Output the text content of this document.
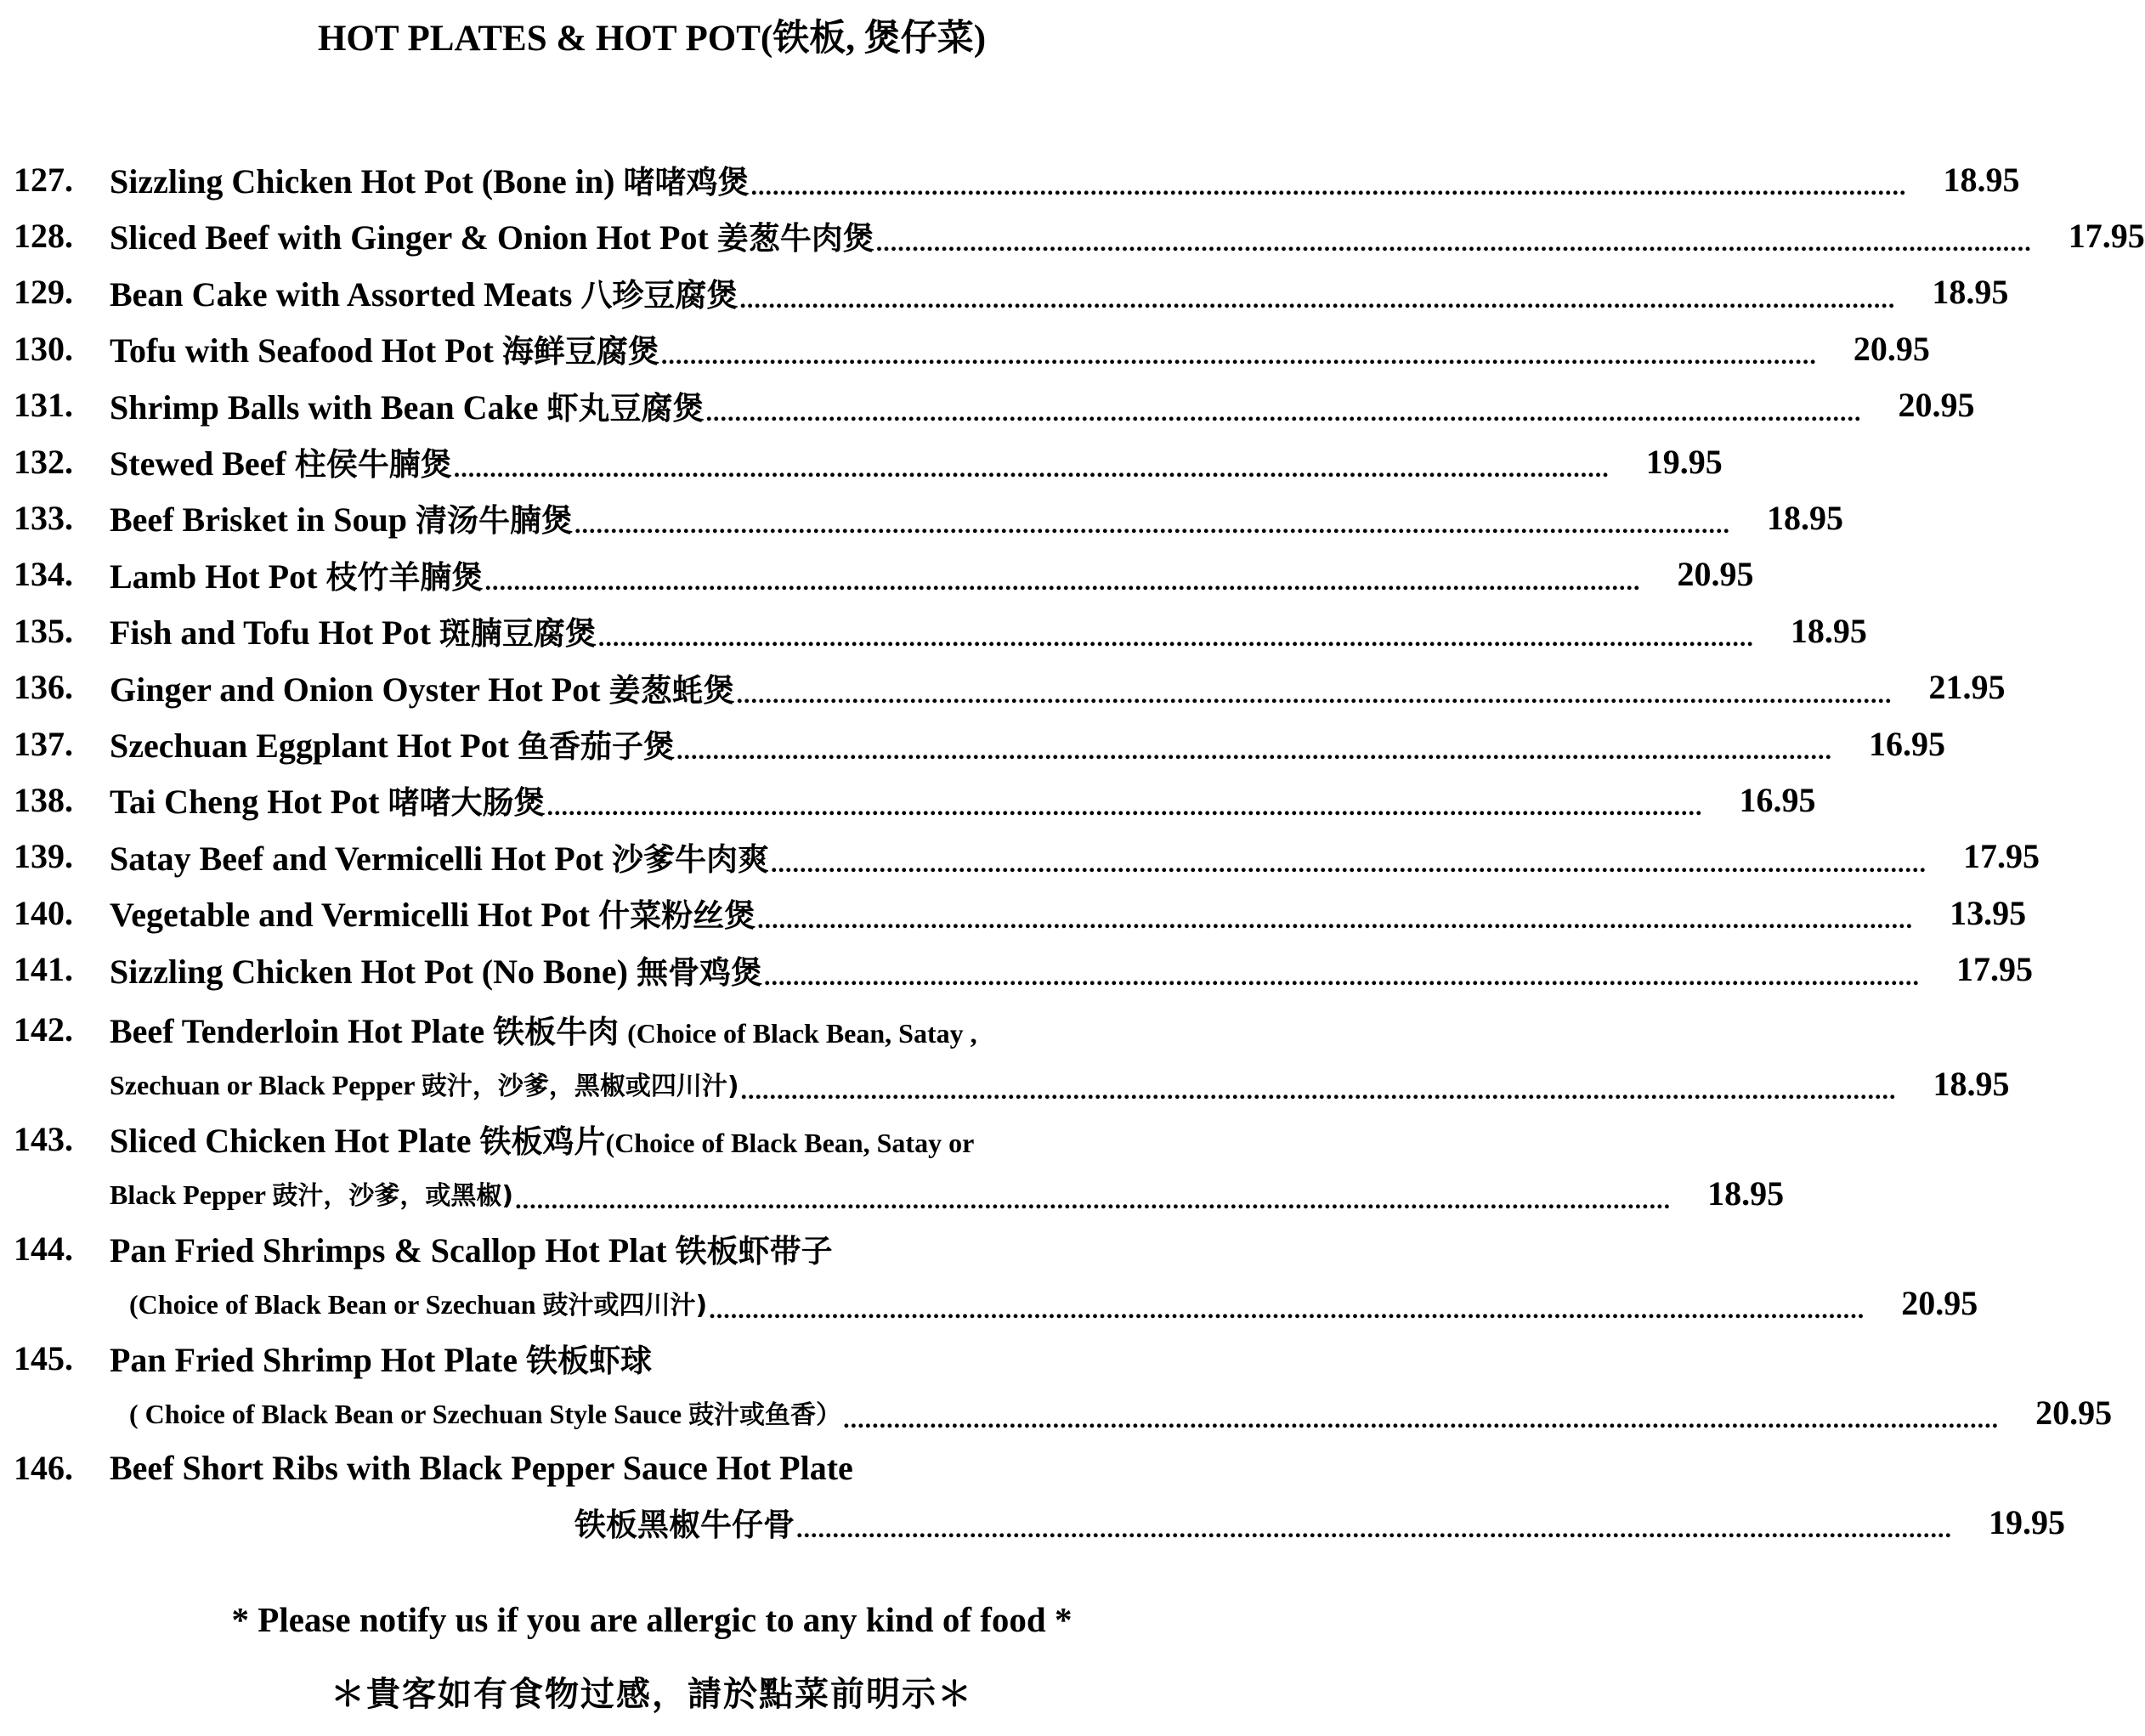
HOT PLATES & HOT POT(铁板, 煲仔菜)
127.	Sizzling Chicken Hot Pot (Bone in) 啫啫鸡煲 ................................................................................................................................................................	18.95
128.	Sliced Beef with Ginger & Onion Hot Pot 姜葱牛肉煲 ................................................................................................................................................................	17.95
129.	Bean Cake with Assorted Meats 八珍豆腐煲 ................................................................................................................................................................	18.95
130.	Tofu with Seafood Hot Pot 海鲜豆腐煲 ................................................................................................................................................................	20.95
131.	Shrimp Balls with Bean Cake 虾丸豆腐煲 ................................................................................................................................................................	20.95
132.	Stewed Beef 柱侯牛腩煲 ................................................................................................................................................................	19.95
133.	Beef Brisket in Soup 清汤牛腩煲 ................................................................................................................................................................	18.95
134.	Lamb Hot Pot 枝竹羊腩煲 ................................................................................................................................................................	20.95
135.	Fish and Tofu Hot Pot 斑腩豆腐煲 ................................................................................................................................................................	18.95
136.	Ginger and Onion Oyster Hot Pot 姜葱蚝煲 ................................................................................................................................................................	21.95
137.	Szechuan Eggplant Hot Pot 鱼香茄子煲 ................................................................................................................................................................	16.95
138.	Tai Cheng Hot Pot 啫啫大肠煲 ................................................................................................................................................................	16.95
139.	Satay Beef and Vermicelli Hot Pot 沙爹牛肉爽 ................................................................................................................................................................	17.95
140.	Vegetable and Vermicelli Hot Pot 什菜粉丝煲 ................................................................................................................................................................	13.95
141.	Sizzling Chicken Hot Pot (No Bone) 無骨鸡煲 ................................................................................................................................................................	17.95
142.	Beef Tenderloin Hot Plate 铁板牛肉 (Choice of Black Bean, Satay ,
Szechuan or Black Pepper 豉汁，沙爹，黑椒或四川汁) ................................................................................................................................................................	18.95
143.	Sliced Chicken Hot Plate 铁板鸡片(Choice of Black Bean, Satay or
Black Pepper 豉汁，沙爹，或黑椒) ................................................................................................................................................................	18.95
144.	Pan Fried Shrimps & Scallop Hot Plat 铁板虾带子
(Choice of Black Bean or Szechuan 豉汁或四川汁) ................................................................................................................................................................	20.95
145.	Pan Fried Shrimp Hot Plate 铁板虾球
( Choice of Black Bean or Szechuan Style Sauce 豉汁或鱼香） ................................................................................................................................................................	20.95
146.	Beef Short Ribs with Black Pepper Sauce Hot Plate
铁板黑椒牛仔骨 ................................................................................................................................................................	19.95
* Please notify us if you are allergic to any kind of food *
＊貴客如有食物过感，請於點菜前明示＊
